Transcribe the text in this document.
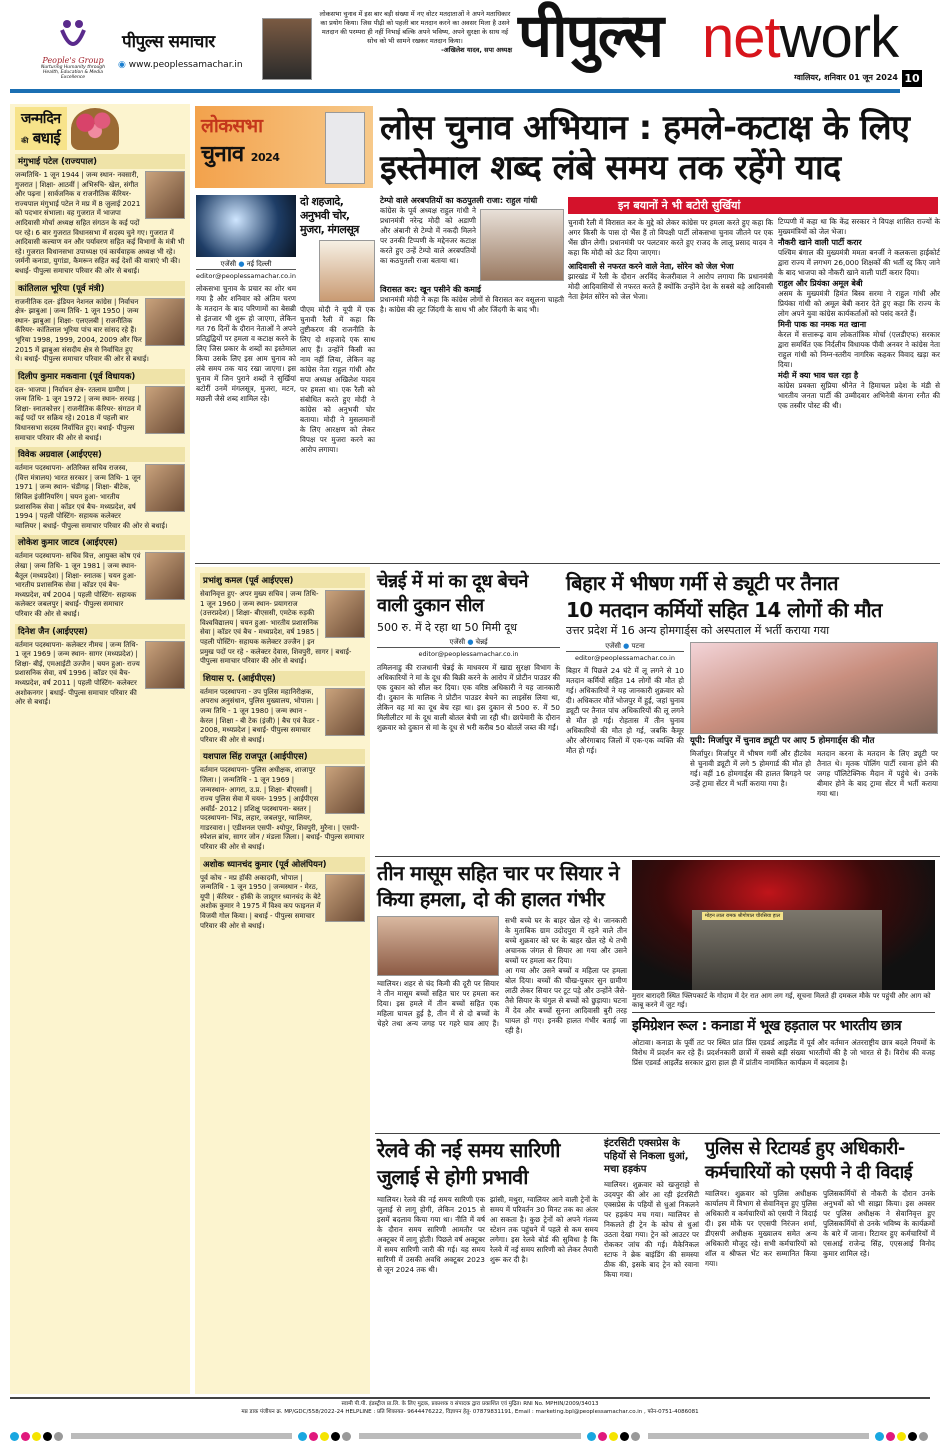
People's Group
Nurturing Humanity through Health, Education & Media Excellence
पीपुल्स समाचार
◉ www.peoplessamachar.in
लोकसभा चुनाव में इस बार बड़ी संख्या में नए वोटर मतदाताओं ने अपने मताधिकार का प्रयोग किया। जिस पीढ़ी को पहली बार मतदान करने का अवसर मिला है उसने मतदान की परम्परा ही नहीं निभाई बल्कि अपने भविष्य, अपने सुरक्षा के साथ नई सोच को भी सामने रखकर मतदान किया।
-अखिलेश यादव, सपा अध्यक्ष पीपुल्स network
ग्वालियर, शनिवार 01 जून 2024 10
जन्मदिन
की बधाई
मंगुभाई पटेल (राज्यपाल)
जन्मतिथि- 1 जून 1944 | जन्म स्थान- नवसारी, गुजरात | शिक्षा- आठवीं | अभिरुचि- खेल, संगीत और पढ़ना | सार्वजनिक व राजनीतिक कॅरियर- राज्यपाल मंगुभाई पटेल ने मप्र में 8 जुलाई 2021 को पदभार संभाला। वह गुजरात में भाजपा आदिवासी मोर्चा अध्यक्ष सहित संगठन के कई पदों पर रहे। 6 बार गुजरात विधानसभा में सदस्य चुने गए। गुजरात में आदिवासी कल्याण वन और पर्यावरण सहित कई विभागों के मंत्री भी रहे। गुजरात विधानसभा उपाध्यक्ष एवं कार्यवाहक अध्यक्ष भी रहे। जर्मनी कनाडा, युगांडा, कैमरून सहित कई देशों की यात्राएं भी की। बधाई- पीपुल्स समाचार परिवार की ओर से बधाई।
कांतिलाल भूरिया (पूर्व मंत्री)
राजनीतिक दल- इंडियन नेशनल कांग्रेस | निर्वाचन क्षेत्र- झाबुआ | जन्म तिथि- 1 जून 1950 | जन्म स्थान- झाबुआ | शिक्षा- एलएलबी | राजनीतिक कॅरियर- कांतिलाल भूरिया पांच बार सांसद रहे हैं। भूरिया 1998, 1999, 2004, 2009 और फिर 2015 में झाबुआ संसदीय क्षेत्र से निर्वाचित हुए थे। बधाई- पीपुल्स समाचार परिवार की ओर से बधाई।
दिलीप कुमार मकवाना (पूर्व विधायक)
दल- भाजपा | निर्वाचन क्षेत्र- रतलाम ग्रामीण | जन्म तिथि- 1 जून 1972 | जन्म स्थान- सरवड़ | शिक्षा- स्नातकोत्तर | राजनीतिक कॅरियर- संगठन में कई पदों पर सक्रिय रहे। 2018 में पहली बार विधानसभा सदस्य निर्वाचित हुए। बधाई- पीपुल्स समाचार परिवार की ओर से बधाई।
विवेक अग्रवाल (आईएएस)
वर्तमान पदस्थापना- अतिरिक्त सचिव राजस्व, (वित्त मंत्रालय) भारत सरकार | जन्म तिथि- 1 जून 1971 | जन्म स्थान- चंडीगढ़ | शिक्षा- बीटेक, सिविल इंजीनियरिंग | चयन हुआ- भारतीय प्रशासनिक सेवा | कॉडर एवं बैच- मध्यप्रदेश, वर्ष 1994 | पहली पोस्टिंग- सहायक कलेक्टर ग्वालियर | बधाई- पीपुल्स समाचार परिवार की ओर से बधाई।
लोकेश कुमार जाटव (आईएएस)
वर्तमान पदस्थापना- सचिव वित्त, आयुक्त कोष एवं लेखा | जन्म तिथि- 1 जून 1981 | जन्म स्थान- बैतूल (मध्यप्रदेश) | शिक्षा- स्नातक | चयन हुआ- भारतीय प्रशासनिक सेवा | कॉडर एवं बैच- मध्यप्रदेश, वर्ष 2004 | पहली पोस्टिंग- सहायक कलेक्टर जबलपुर | बधाई- पीपुल्स समाचार परिवार की ओर से बधाई।
दिनेश जैन (आईएएस)
वर्तमान पदस्थापना- कलेक्टर नीमच | जन्म तिथि- 1 जून 1969 | जन्म स्थान- सागर (मध्यप्रदेश) | शिक्षा- बीई, एमआईटी उज्जैन | चयन हुआ- राज्य प्रशासनिक सेवा, वर्ष 1996 | कॉडर एवं बैच- मध्यप्रदेश, वर्ष 2011 | पहली पोस्टिंग- कलेक्टर अशोकनगर | बधाई- पीपुल्स समाचार परिवार की ओर से बधाई।
लोकसभा
चुनाव 2024
लोस चुनाव अभियान : हमले-कटाक्ष के लिए
इस्तेमाल शब्द लंबे समय तक रहेंगे याद
एजेंसी ● नई दिल्ली
editor@peoplessamachar.co.in
लोकसभा चुनाव के प्रचार का शोर थम गया है और शनिवार को अंतिम चरण के मतदान के बाद परिणामों का बेसब्री से इंतजार भी शुरू हो जाएगा, लेकिन गत 76 दिनों के दौरान नेताओं ने अपने प्रतिद्वंद्वियों पर हमला व कटाक्ष करने के लिए जिस प्रकार के शब्दों का इस्तेमाल किया उसके लिए इस आम चुनाव को लंबे समय तक याद रखा जाएगा। इस चुनाव में जिन पुराने शब्दों ने सुर्खियां बटोरीं उनमें मंगलसूत्र, मुजरा, मटन, मछली जैसे शब्द शामिल रहे।
दो शहजादे, अनुभवी चोर, मुजरा, मंगलसूत्र
पीएम मोदी ने यूपी में एक चुनावी रैली में कहा कि तुष्टीकरण की राजनीति के लिए दो शहजादे एक साथ आए हैं। उन्होंने किसी का नाम नहीं लिया, लेकिन वह कांग्रेस नेता राहुल गांधी और सपा अध्यक्ष अखिलेश यादव पर हमला था। एक रैली को संबोधित करते हुए मोदी ने कांग्रेस को अनुभवी चोर बताया। मोदी ने मुसलमानों के लिए आरक्षण को लेकर विपक्ष पर मुजरा करने का आरोप लगाया।
टेम्पो वाले अरबपतियों का कठपुतली राजा: राहुल गांधी
कांग्रेस के पूर्व अध्यक्ष राहुल गांधी ने प्रधानमंत्री नरेन्द्र मोदी को अडाणी और अंबानी से टेम्पो में नकदी मिलने पर उनकी टिप्पणी के मद्देनजर कटाक्ष करते हुए उन्हें टेम्पो वाले अरबपतियों का कठपुतली राजा बताया था।
विरासत कर: खून पसीने की कमाई
प्रधानमंत्री मोदी ने कहा कि कांग्रेस लोगों से विरासत कर वसूलना चाहती है। कांग्रेस की लूट जिंदगी के साथ भी और जिंदगी के बाद भी।
इन बयानों ने भी बटोरी सुर्खियां
चुनावी रैली में विरासत कर के मुद्दे को लेकर कांग्रेस पर हमला करते हुए कहा कि अगर किसी के पास दो भैंस हैं तो विपक्षी पार्टी लोकसभा चुनाव जीतने पर एक भैंस छीन लेगी। प्रधानमंत्री पर पलटवार करते हुए राजद के लालू प्रसाद यादव ने कहा कि मोदी को ऊंट दिया जाएगा।
आदिवासी से नफरत करने वाले नेता, सोरेन को जेल भेजा
झारखंड में रैली के दौरान अरविंद केजरीवाल ने आरोप लगाया कि प्रधानमंत्री मोदी आदिवासियों से नफरत करते हैं क्योंकि उन्होंने देश के सबसे बड़े आदिवासी नेता हेमंत सोरेन को जेल भेजा।
टिप्पणी में कहा था कि केंद्र सरकार ने विपक्ष शासित राज्यों के मुख्यमंत्रियों को जेल भेजा।
नौकरी खाने वाली पार्टी करार
पश्चिम बंगाल की मुख्यमंत्री ममता बनर्जी ने कलकत्ता हाईकोर्ट द्वारा राज्य में लगभग 26,000 शिक्षकों की भर्ती रद्द किए जाने के बाद भाजपा को नौकरी खाने वाली पार्टी करार दिया।
राहुल और प्रियंका अमूल बेबी
असम के मुख्यमंत्री हिमंत बिस्व सरमा ने राहुल गांधी और प्रियंका गांधी को अमूल बेबी करार देते हुए कहा कि राज्य के लोग अपने युवा कांग्रेस कार्यकर्ताओं को पसंद करते हैं।
मिनी पाक का नमक मत खाना
केरल में सत्तारूढ़ वाम लोकतांत्रिक मोर्चा (एलडीएफ) सरकार द्वारा समर्थित एक निर्दलीय विधायक पीवी अनवर ने कांग्रेस नेता राहुल गांधी को निम्न-स्तरीय नागरिक कहकर विवाद खड़ा कर दिया।
मंदी में क्या भाव चल रहा है
कांग्रेस प्रवक्ता सुप्रिया श्रीनेत ने हिमाचल प्रदेश के मंडी से भारतीय जनता पार्टी की उम्मीदवार अभिनेत्री कंगना रनौत की एक तस्वीर पोस्ट की थी।
प्रभांशु कमल (पूर्व आईएएस)
सेवानिवृत्त हुए- अपर मुख्य सचिव | जन्म तिथि- 1 जून 1960 | जन्म स्थान- प्रयागराज (उत्तरप्रदेश) | शिक्षा- बीएससी, एमटेक रुड़की विश्वविद्यालय | चयन हुआ- भारतीय प्रशासनिक सेवा | कॉडर एवं बैच - मध्यप्रदेश, वर्ष 1985 | पहली पोस्टिंग- सहायक कलेक्टर उज्जैन | इन प्रमुख पदों पर रहे - कलेक्टर देवास, शिवपुरी, सागर | बधाई- पीपुल्स समाचार परिवार की ओर से बधाई।
शियास ए. (आईपीएस)
वर्तमान पदस्थापना - उप पुलिस महानिरीक्षक, अपराध अनुसंधान, पुलिस मुख्यालय, भोपाल। | जन्म तिथि - 1 जून 1980 | जन्म स्थान - केरल | शिक्षा - बी टेक (इंजी) | बैच एवं कैडर - 2008, मध्यप्रदेश | बधाई- पीपुल्स समाचार परिवार की ओर से बधाई।
यशपाल सिंह राजपूत (आईपीएस)
वर्तमान पदस्थापना- पुलिस अधीक्षक, शाजापुर जिला। | जन्मतिथि - 1 जून 1969 | जन्मस्थान- आगरा, उ.प्र. | शिक्षा- बीएससी | राज्य पुलिस सेवा में चयन- 1995 | आईपीएस अवॉर्ड- 2012 | प्रशिक्षु पदस्थापना- बस्तर | पदस्थापना- भिंड, लहार, जबलपुर, ग्वालियर, गाडरवारा। | एडीशनल एसपी- श्योपुर, शिवपुरी, मुरैना। | एसपी- स्पेशल ब्रांच, सागर जोन / मंडला जिला। | बधाई- पीपुल्स समाचार परिवार की ओर से बधाई।
अशोक ध्यानचंद कुमार (पूर्व ओलंपियन)
पूर्व कोच - मप्र हॉकी अकादमी, भोपाल | जन्मतिथि - 1 जून 1950 | जन्मस्थान - मेरठ, यूपी | कॅरियर - हॉकी के जादूगर ध्यानचंद के बेटे अशोक कुमार ने 1975 में विश्व कप फाइनल में विजयी गोल किया। | बधाई - पीपुल्स समाचार परिवार की ओर से बधाई।
चेन्नई में मां का दूध बेचने वाली दुकान सील
500 रु. में दे रहा था 50 मिमी दूध
एजेंसी ● चेन्नई
editor@peoplessamachar.co.in
तमिलनाडु की राजधानी चेन्नई के माधवरम में खाद्य सुरक्षा विभाग के अधिकारियों ने मां के दूध की बिक्री करने के आरोप में प्रोटीन पाउडर की एक दुकान को सील कर दिया। एक वरिष्ठ अधिकारी ने यह जानकारी दी। दुकान के मालिक ने प्रोटीन पाउडर बेचने का लाइसेंस लिया था, लेकिन वह मां का दूध बेच रहा था। इस दुकान से 500 रु. में 50 मिलीलीटर मां के दूध वाली बोतल बेची जा रही थी। छापेमारी के दौरान शुक्रवार को दुकान से मां के दूध से भरी करीब 50 बोतलें जब्त की गईं।
बिहार में भीषण गर्मी से ड्यूटी पर तैनात
10 मतदान कर्मियों सहित 14 लोगों की मौत
उत्तर प्रदेश में 16 अन्य होमगार्ड्स को अस्पताल में भर्ती कराया गया
एजेंसी ● पटना
editor@peoplessamachar.co.in
बिहार में पिछले 24 घंटे में लू लगने से 10 मतदान कर्मियों सहित 14 लोगों की मौत हो गई। अधिकारियों ने यह जानकारी शुक्रवार को दी। अधिकतर मौतें भोजपुर में हुई, जहां चुनाव ड्यूटी पर तैनात पांच अधिकारियों की लू लगने से मौत हो गई। रोहतास में तीन चुनाव अधिकारियों की मौत हो गई, जबकि कैमूर और औरंगाबाद जिलों में एक-एक व्यक्ति की मौत हो गई।
यूपी: मिर्जापुर में चुनाव ड्यूटी पर आए 5 होमगार्ड्स की मौत
मिर्जापुर। मिर्जापुर में भीषण गर्मी और हीटवेव से चुनावी ड्यूटी में लगे 5 होमगार्ड की मौत हो गई। वहीं 16 होमगार्ड्स की हालत बिगड़ने पर उन्हें ट्रामा सेंटर में भर्ती कराया गया है।
मतदान करना के मतदान के लिए ड्यूटी पर तैनात थे। मृतक पोलिंग पार्टी रवाना होने की जगह पॉलिटेक्निक मैदान में पहुंचे थे। उनके बीमार होने के बाद ट्रामा सेंटर में भर्ती कराया गया था।
तीन मासूम सहित चार पर सियार ने किया हमला, दो की हालत गंभीर
ग्वालियर। शहर से चंद किमी की दूरी पर सियार ने तीन मासूम बच्चों सहित चार पर हमला कर दिया। इस हमले में तीन बच्चों सहित एक महिला घायल हुई है, तीन में से दो बच्चों के चेहरे तथा अन्य जगह पर गहरे घाव आए हैं। सभी बच्चे घर के बाहर खेल रहे थे। जानकारी के मुताबिक ग्राम उदोदपुरा में रहने वाले तीन बच्चे शुक्रवार को घर के बाहर खेल रहे थे तभी अचानक जंगल से सियार आ गया और उसने बच्चों पर हमला कर दिया।
आ गया और उसने बच्चों व महिला पर हमला बोल दिया। बच्चों की चीख-पुकार सुन ग्रामीण लाठी लेकर सियार पर टूट पड़े और उन्होंने जैसे-तैसे सियार के चंगुल से बच्चों को छुड़ाया। घटना में देव और बच्चों सुनना आदिवासी बुरी तरह घायल हो गए। इनकी हालत गंभीर बताई जा रही है।
मोहन लाल रामक श्रीगोपाल चौरसिया हाल
मुरार बारादरी स्थित फ्लिपकार्ट के गोदाम में देर रात आग लग गई, सूचना मिलते ही दमकल मौके पर पहुंची और आग को काबू करने में जुट गई।
इमिग्रेशन रूल : कनाडा में भूख हड़ताल पर भारतीय छात्र
ओटावा। कनाडा के पूर्वी तट पर स्थित प्रांत प्रिंस एडवर्ड आइलैंड में पूर्व और वर्तमान अंतरराष्ट्रीय छात्र बदले नियमों के विरोध में प्रदर्शन कर रहे हैं। प्रदर्शनकारी छात्रों में सबसे बड़ी संख्या भारतीयों की है जो भारत से हैं। विरोध की वजह प्रिंस एडवर्ड आइलैंड सरकार द्वारा हाल ही में प्रांतीय नामांकित कार्यक्रम में बदलाव है।
रेलवे की नई समय सारिणी जुलाई से होगी प्रभावी
ग्वालियर। रेलवे की नई समय सारिणी एक जुलाई से लागू होगी, लेकिन 2015 से इसमें बदलाव किया गया था। नीति में वर्ष के दौरान समय सारिणी आमतौर पर अक्टूबर में लागू होती। पिछले वर्ष अक्टूबर में समय सारिणी जारी की गई। यह समय सारिणी में उसकी अवधि अक्टूबर 2023 से जून 2024 तक थी।
झांसी, मथुरा, ग्वालियर आने वाली ट्रेनों के समय में परिवर्तन 30 मिनट तक का अंतर आ सकता है। कुछ ट्रेनों को अपने गंतव्य स्टेशन तक पहुंचने में पहले से कम समय लगेगा। इस रेलवे बोर्ड की सुविधा है कि रेलवे में नई समय सारिणी को लेकर तैयारी शुरू कर दी है।
इंटरसिटी एक्सप्रेस के पहियों से निकला धुआं, मचा हड़कंप
ग्वालियर। शुक्रवार को खजुराहो से उदयपुर की ओर आ रही इंटरसिटी एक्सप्रेस के पहियों से धुआं निकलने पर हड़कंप मच गया। ग्वालियर से निकलते ही ट्रेन के कोच से धुआं उठता देखा गया। ट्रेन को आउटर पर रोककर जांच की गई। मैकेनिकल स्टाफ ने ब्रेक बाइंडिंग की समस्या ठीक की, इसके बाद ट्रेन को रवाना किया गया।
पुलिस से रिटायर्ड हुए अधिकारी-कर्मचारियों को एसपी ने दी विदाई
ग्वालियर। शुक्रवार को पुलिस अधीक्षक कार्यालय में विभाग से सेवानिवृत्त हुए पुलिस अधिकारी व कर्मचारियों को एसपी ने विदाई दी। इस मौके पर एएसपी निरंजन शर्मा, डीएसपी अधीक्षक मुख्यालय समेत अन्य अधिकारी मौजूद रहे। सभी कर्मचारियों को शॉल व श्रीफल भेंट कर सम्मानित किया गया।
पुलिसकर्मियों से नौकरी के दौरान उनके अनुभवों को भी साझा किया। इस अवसर पर पुलिस अधीक्षक ने सेवानिवृत्त हुए पुलिसकर्मियों से उनके भविष्य के कार्यक्रमों के बारे में जाना। रिटायर हुए कर्मचारियों में एसआई राजेन्द्र सिंह, एएसआई विनोद कुमार शामिल रहे।
स्वामी पी.पी. इंडस्ट्रीज प्रा.लि. के लिए मुद्रक, प्रकाशक व संपादक द्वारा प्रकाशित एवं मुद्रित। RNI No. MPHIN/2009/34013
मप्र डाक पंजीयन क्र. MP/GDC/558/2022-24 HELPLINE : प्रति शिकायत- 9644476222, विज्ञापन हेतु- 07879831191, Email : marketing.bpl@peoplessamachar.co.in , फोन-0751-4086081
